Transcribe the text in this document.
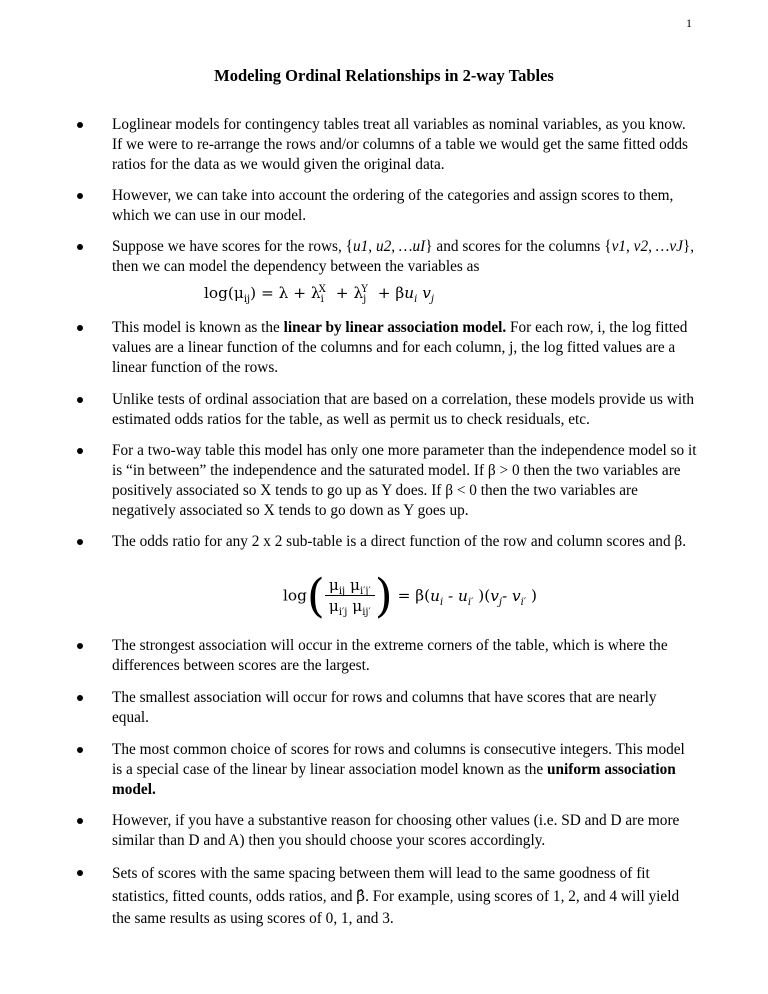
1
Modeling Ordinal Relationships in 2-way Tables

Loglinear models for contingency tables treat all variables as nominal variables, as you know. If we were to re-arrange the rows and/or columns of a table we would get the same fitted odds ratios for the data as we would given the original data.

However, we can take into account the ordering of the categories and assign scores to them, which we can use in our model.

Suppose we have scores for the rows, {u1, u2, …uI} and scores for the columns {v1, v2, …vJ}, then we can model the dependency between the variables as

$\log(\mu_{ij}) = \lambda + \lambda_i^X + \lambda_j^Y + \beta u_i$ $v_j$

This model is known as the linear by linear association model. For each row, i, the log fitted values are a linear function of the columns and for each column, j, the log fitted values are a linear function of the rows.

Unlike tests of ordinal association that are based on a correlation, these models provide us with estimated odds ratios for the table, as well as permit us to check residuals, etc.

For a two-way table this model has only one more parameter than the independence model so it is “in between” the independence and the saturated model. If β > 0 then the two variables are positively associated so X tends to go up as Y does. If β < 0 then the two variables are negatively associated so X tends to go down as Y goes up.

The odds ratio for any 2 x 2 sub-table is a direct function of the row and column scores and β.

$\log( \frac{\mu_{ij} \mu_{i'j'}}{\mu_{i'j} \mu_{ij'}}$ ) = $\beta(u_i - u_{i'}$ )($v_j-$ $v_{i'}$ )

The strongest association will occur in the extreme corners of the table, which is where the differences between scores are the largest.

The smallest association will occur for rows and columns that have scores that are nearly equal.

The most common choice of scores for rows and columns is consecutive integers. This model is a special case of the linear by linear association model known as the uniform association model.

However, if you have a substantive reason for choosing other values (i.e. SD and D are more similar than D and A) then you should choose your scores accordingly.

Sets of scores with the same spacing between them will lead to the same goodness of fit statistics, fitted counts, odds ratios, and β̂. For example, using scores of 1, 2, and 4 will yield the same results as using scores of 0, 1, and 3.
